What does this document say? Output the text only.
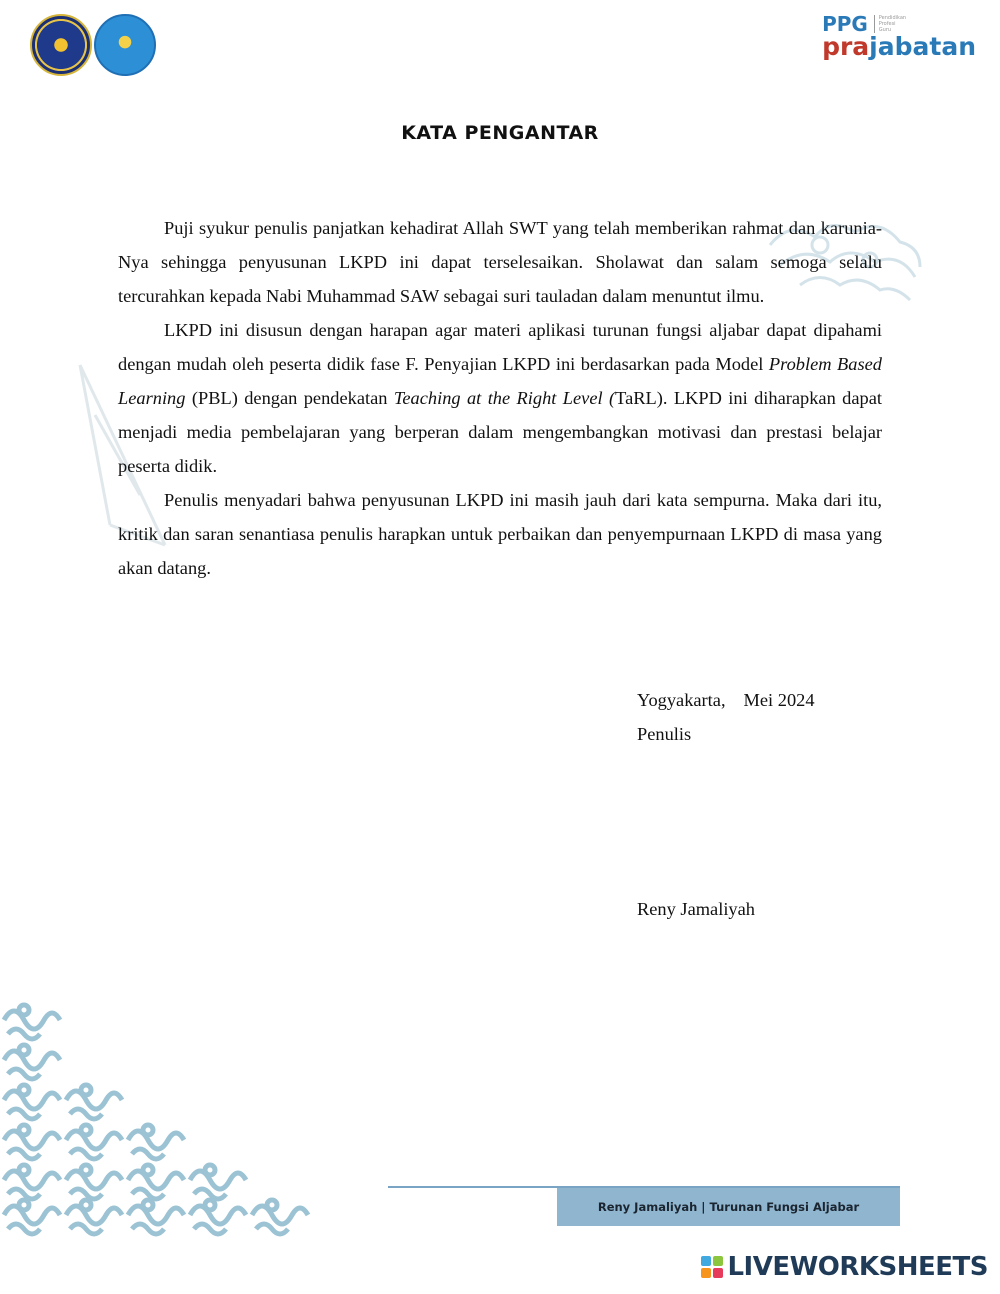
PPG	Pendidikan Profesi Guru
prajabatan
KATA PENGANTAR

Puji syukur penulis panjatkan kehadirat Allah SWT yang telah memberikan rahmat dan karunia-Nya sehingga penyusunan LKPD ini dapat terselesaikan. Sholawat dan salam semoga selalu tercurahkan kepada Nabi Muhammad SAW sebagai suri tauladan dalam menuntut ilmu.

LKPD ini disusun dengan harapan agar materi aplikasi turunan fungsi aljabar dapat dipahami dengan mudah oleh peserta didik fase F. Penyajian LKPD ini berdasarkan pada Model Problem Based Learning (PBL) dengan pendekatan Teaching at the Right Level (TaRL). LKPD ini diharapkan dapat menjadi media pembelajaran yang berperan dalam mengembangkan motivasi dan prestasi belajar peserta didik.

Penulis menyadari bahwa penyusunan LKPD ini masih jauh dari kata sempurna. Maka dari itu, kritik dan saran senantiasa penulis harapkan untuk perbaikan dan penyempurnaan LKPD di masa yang akan datang.

Yogyakarta, Mei 2024
Penulis
Reny Jamaliyah
Reny Jamaliyah | Turunan Fungsi Aljabar
LIVEWORKSHEETS
